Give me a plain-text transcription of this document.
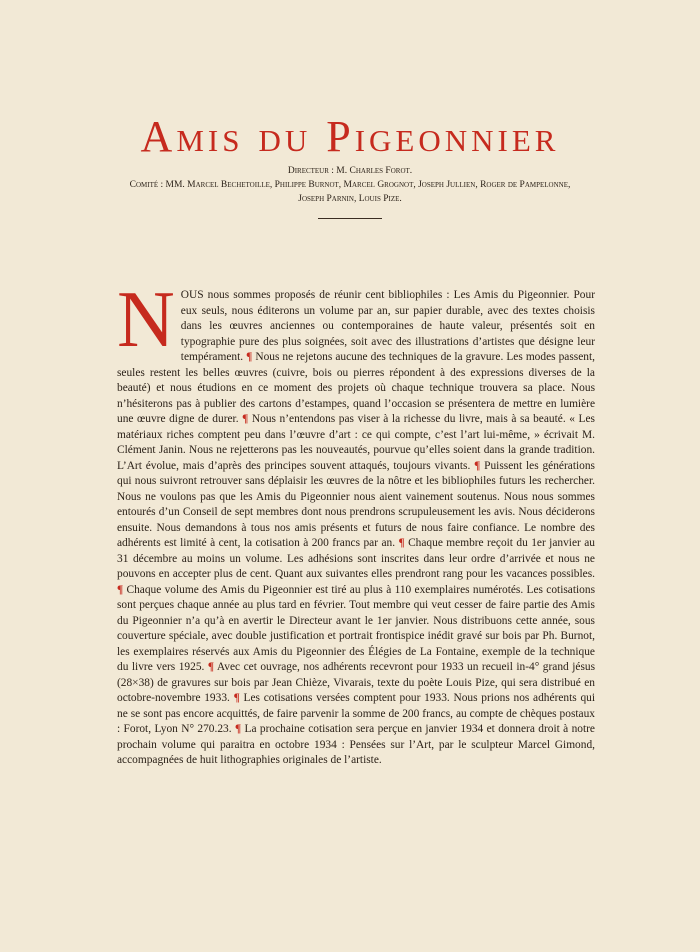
Amis du Pigeonnier
Directeur : M. Charles Forot.
Comité : MM. Marcel Bechetoille, Philippe Burnot, Marcel Grognot, Joseph Jullien, Roger de Pampelonne,
Joseph Parnin, Louis Pize.
NOUS nous sommes proposés de réunir cent bibliophiles : Les Amis du Pigeonnier. Pour eux seuls, nous éditerons un volume par an, sur papier durable, avec des textes choisis dans les œuvres anciennes ou contemporaines de haute valeur, présentés soit en typographie pure des plus soignées, soit avec des illustrations d’artistes que désigne leur tempérament. ¶ Nous ne rejetons aucune des techniques de la gravure. Les modes passent, seules restent les belles œuvres (cuivre, bois ou pierres répondent à des expressions diverses de la beauté) et nous étudions en ce moment des projets où chaque technique trouvera sa place. Nous n’hésiterons pas à publier des cartons d’estampes, quand l’occasion se présentera de mettre en lumière une œuvre digne de durer. ¶ Nous n’entendons pas viser à la richesse du livre, mais à sa beauté. « Les matériaux riches comptent peu dans l’œuvre d’art : ce qui compte, c’est l’art lui-même, » écrivait M. Clément Janin. Nous ne rejetterons pas les nouveautés, pourvue qu’elles soient dans la grande tradition. L’Art évolue, mais d’après des principes souvent attaqués, toujours vivants. ¶ Puissent les générations qui nous suivront retrouver sans déplaisir les œuvres de la nôtre et les bibliophiles futurs les rechercher. Nous ne voulons pas que les Amis du Pigeonnier nous aient vainement soutenus. Nous nous sommes entourés d’un Conseil de sept membres dont nous prendrons scrupuleusement les avis. Nous déciderons ensuite. Nous demandons à tous nos amis présents et futurs de nous faire confiance. Le nombre des adhérents est limité à cent, la cotisation à 200 francs par an. ¶ Chaque membre reçoit du 1er janvier au 31 décembre au moins un volume. Les adhésions sont inscrites dans leur ordre d’arrivée et nous ne pouvons en accepter plus de cent. Quant aux suivantes elles prendront rang pour les vacances possibles. ¶ Chaque volume des Amis du Pigeonnier est tiré au plus à 110 exemplaires numérotés. Les cotisations sont perçues chaque année au plus tard en février. Tout membre qui veut cesser de faire partie des Amis du Pigeonnier n’a qu’à en avertir le Directeur avant le 1er janvier. Nous distribuons cette année, sous couverture spéciale, avec double justification et portrait frontispice inédit gravé sur bois par Ph. Burnot, les exemplaires réservés aux Amis du Pigeonnier des Élégies de La Fontaine, exemple de la technique du livre vers 1925. ¶ Avec cet ouvrage, nos adhérents recevront pour 1933 un recueil in-4° grand jésus (28×38) de gravures sur bois par Jean Chièze, Vivarais, texte du poète Louis Pize, qui sera distribué en octobre-novembre 1933. ¶ Les cotisations versées comptent pour 1933. Nous prions nos adhérents qui ne se sont pas encore acquittés, de faire parvenir la somme de 200 francs, au compte de chèques postaux : Forot, Lyon N° 270.23. ¶ La prochaine cotisation sera perçue en janvier 1934 et donnera droit à notre prochain volume qui paraitra en octobre 1934 : Pensées sur l’Art, par le sculpteur Marcel Gimond, accompagnées de huit lithographies originales de l’artiste.
